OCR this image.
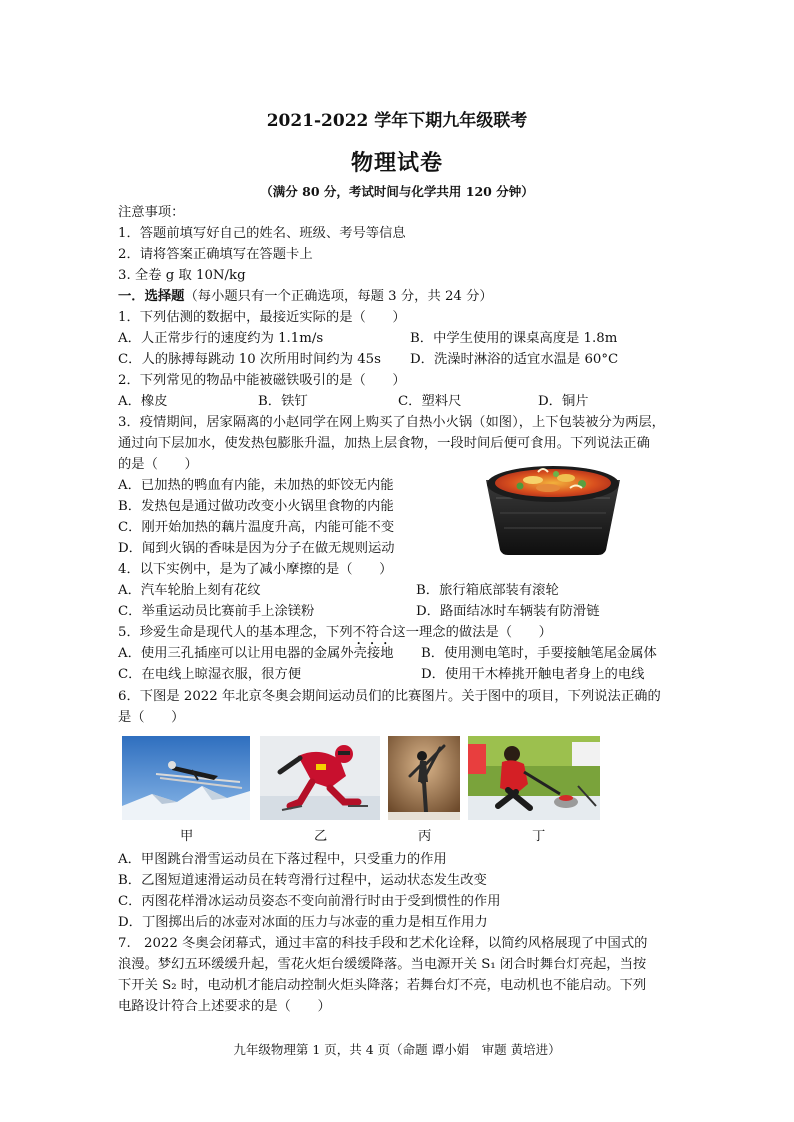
2021-2022 学年下期九年级联考
物理试卷
（满分 80 分，考试时间与化学共用 120 分钟）
注意事项：
1．答题前填写好自己的姓名、班级、考号等信息
2．请将答案正确填写在答题卡上
3. 全卷 g 取 10N/kg
一．选择题（每小题只有一个正确选项，每题 3 分，共 24 分）
1．下列估测的数据中，最接近实际的是（　　）
A．人正常步行的速度约为 1.1m/s	B．中学生使用的课桌高度是 1.8m
C．人的脉搏每跳动 10 次所用时间约为 45s D．洗澡时淋浴的适宜水温是 60°C
2．下列常见的物品中能被磁铁吸引的是（　　）
A．橡皮	B．铁钉	C．塑料尺	D．铜片
3．疫情期间，居家隔离的小赵同学在网上购买了自热小火锅（如图），上下包装被分为两层，
通过向下层加水，使发热包膨胀升温，加热上层食物，一段时间后便可食用。下列说法正确
的是（　　）
A．已加热的鸭血有内能，未加热的虾饺无内能
B．发热包是通过做功改变小火锅里食物的内能
C．刚开始加热的藕片温度升高，内能可能不变
D．闻到火锅的香味是因为分子在做无规则运动
4．以下实例中，是为了减小摩擦的是（　　）
A．汽车轮胎上刻有花纹	B．旅行箱底部装有滚轮
C．举重运动员比赛前手上涂镁粉	D．路面结冰时车辆装有防滑链
5．珍爱生命是现代人的基本理念，下列不符合这一理念的做法是（　　）
A．使用三孔插座可以让用电器的金属外壳接地 B．使用测电笔时，手要接触笔尾金属体
C．在电线上晾湿衣服，很方便	D．使用干木棒挑开触电者身上的电线
6．下图是 2022 年北京冬奥会期间运动员们的比赛图片。关于图中的项目，下列说法正确的
是（　　）
甲	乙	丙	丁
A．甲图跳台滑雪运动员在下落过程中，只受重力的作用
B．乙图短道速滑运动员在转弯滑行过程中，运动状态发生改变
C．丙图花样滑冰运动员姿态不变向前滑行时由于受到惯性的作用
D．丁图掷出后的冰壶对冰面的压力与冰壶的重力是相互作用力
7.　2022 冬奥会闭幕式，通过丰富的科技手段和艺术化诠释，以简约风格展现了中国式的
浪漫。梦幻五环缓缓升起，雪花火炬台缓缓降落。当电源开关 S₁ 闭合时舞台灯亮起，当按
下开关 S₂ 时，电动机才能启动控制火炬头降落；若舞台灯不亮，电动机也不能启动。下列
电路设计符合上述要求的是（　　）
九年级物理第 1 页，共 4 页（命题 谭小娟　审题 黄培进）
